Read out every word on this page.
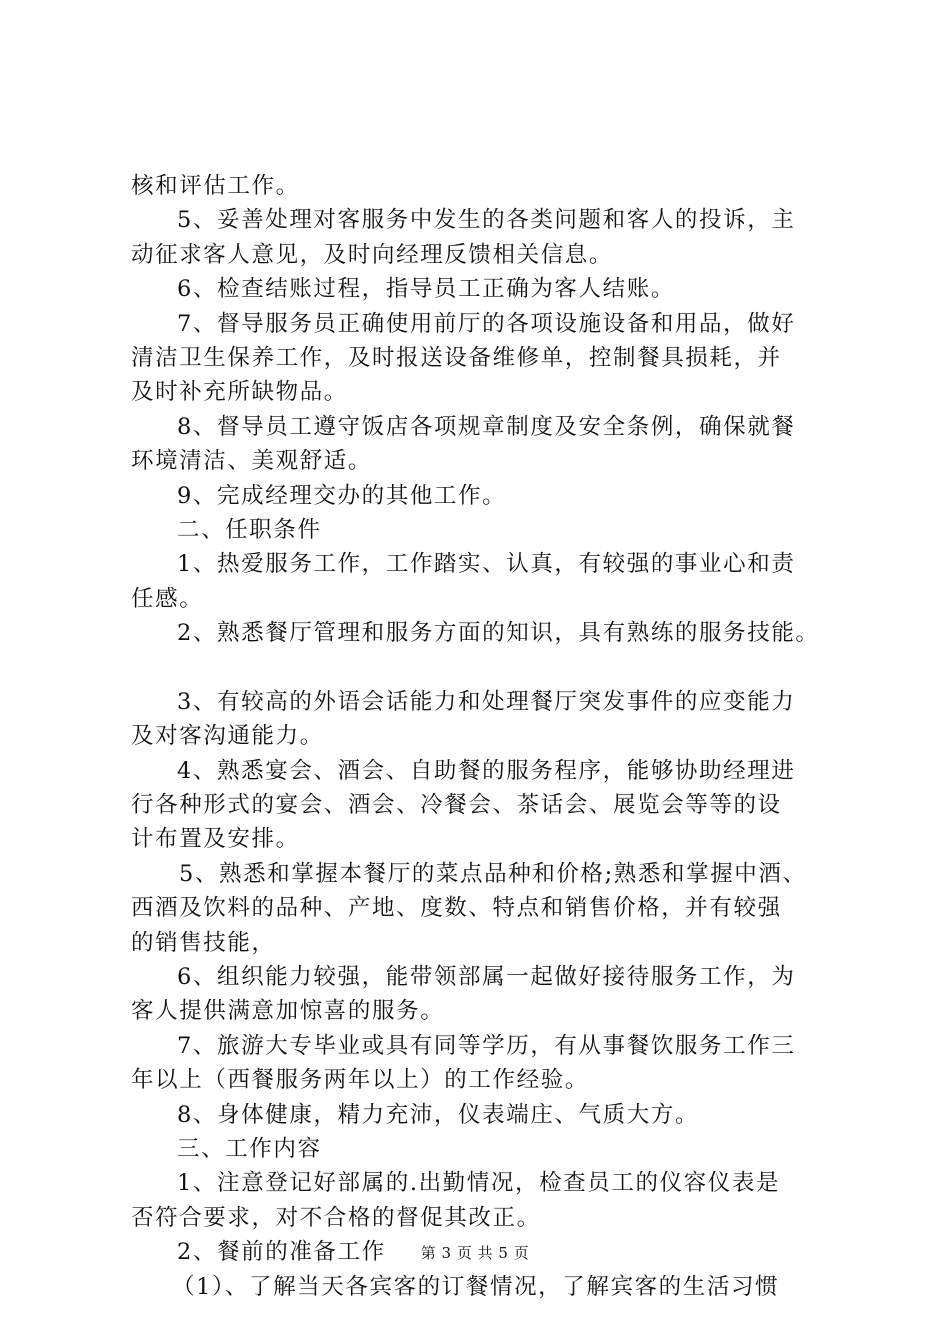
核和评估工作。
5、妥善处理对客服务中发生的各类问题和客人的投诉，主
动征求客人意见，及时向经理反馈相关信息。
6、检查结账过程，指导员工正确为客人结账。
7、督导服务员正确使用前厅的各项设施设备和用品，做好
清洁卫生保养工作，及时报送设备维修单，控制餐具损耗，并
及时补充所缺物品。
8、督导员工遵守饭店各项规章制度及安全条例，确保就餐
环境清洁、美观舒适。
9、完成经理交办的其他工作。
二、任职条件
1、热爱服务工作，工作踏实、认真，有较强的事业心和责
任感。
2、熟悉餐厅管理和服务方面的知识，具有熟练的服务技能。
3、有较高的外语会话能力和处理餐厅突发事件的应变能力
及对客沟通能力。
4、熟悉宴会、酒会、自助餐的服务程序，能够协助经理进
行各种形式的宴会、酒会、冷餐会、茶话会、展览会等等的设
计布置及安排。
5、熟悉和掌握本餐厅的菜点品种和价格;熟悉和掌握中酒、
西酒及饮料的品种、产地、度数、特点和销售价格，并有较强
的销售技能，
6、组织能力较强，能带领部属一起做好接待服务工作，为
客人提供满意加惊喜的服务。
7、旅游大专毕业或具有同等学历，有从事餐饮服务工作三
年以上（西餐服务两年以上）的工作经验。
8、身体健康，精力充沛，仪表端庄、气质大方。
三、工作内容
1、注意登记好部属的.出勤情况，检查员工的仪容仪表是
否符合要求，对不合格的督促其改正。
2、餐前的准备工作
（1）、了解当天各宾客的订餐情况，了解宾客的生活习惯
第 3 页 共 5 页
